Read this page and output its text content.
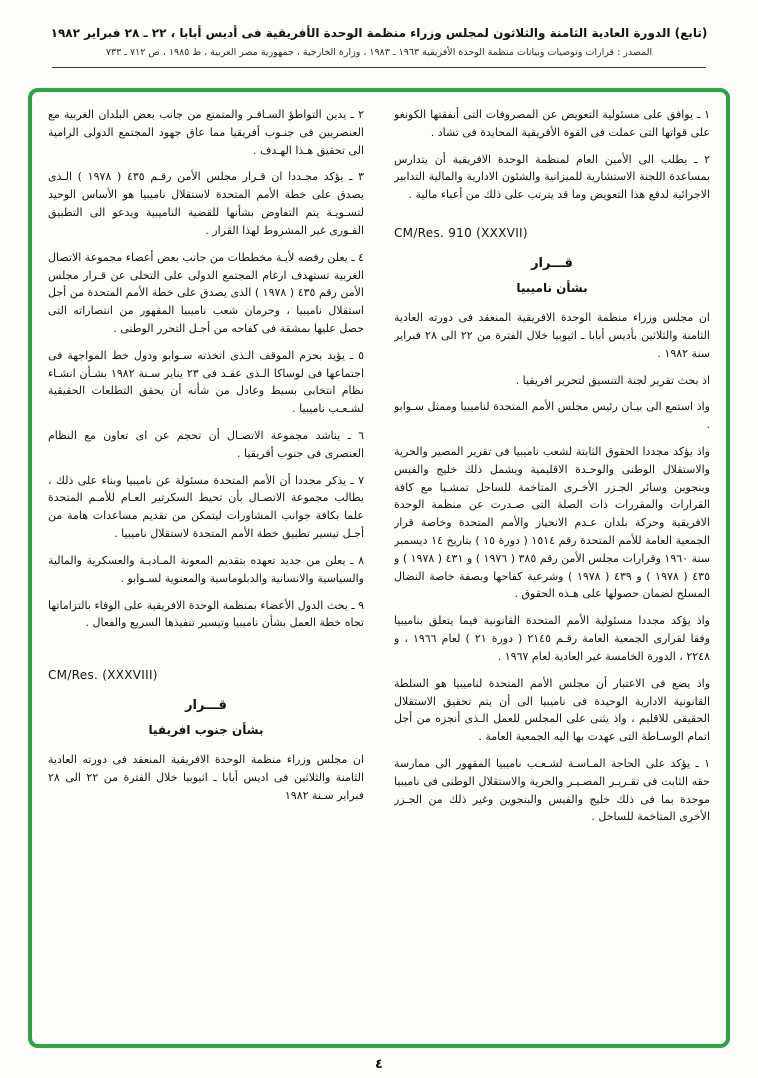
(تابع) الدورة العادية الثامنة والثلاثون لمجلس وزراء منظمة الوحدة الأفريقية فى أديس أبابا ، ٢٢ ـ ٢٨ فبراير ١٩٨٢
المصدر : قرارات وتوصيات وبيانات منظمة الوحدة الأفريقية ١٩٦٣ ـ ١٩٨٣ ، وزارة الخارجية ، جمهورية مصر العربية ، ط ١٩٨٥ ، ص ٧١٢ ـ ٧٣٣

١ ـ يوافق على مسئولية التعويض عن المصروفات التى أنفقتها الكونغو على قواتها التى عملت فى القوة الأفريقية المحايدة فى تشاد .

٢ ـ يطلب الى الأمين العام لمنظمة الوحدة الافريقية أن يتدارس بمساعدة اللجنة الاستشارية للميزانية والشئون الادارية والمالية التدابير الاجرائية لدفع هذا التعويض وما قد يترتب على ذلك من أعباء مالية .

CM/Res. 910 (XXXVII)
قـــرار
بشأن ناميبيا

ان مجلس وزراء منظمة الوحدة الافريقية المنعقد فى دورته العادية الثامنة والثلاثين بأديس أبابا ـ اثيوبيا خلال الفترة من ٢٢ الى ٢٨ فبراير سنة ١٩٨٢ .

اذ بحث تقرير لجنة التنسيق لتحرير افريقيا .

واذ استمع الى بيـان رئيس مجلس الأمم المتحدة لناميبيا وممثل سـوابو .

واذ يؤكد مجددا الحقوق الثابتة لشعب ناميبيا فى تقرير المصير والحرية والاستقلال الوطنى والوحـدة الاقليمية ويشمل ذلك خليج والفيس وبنجوين وسائر الجـزر الأخـرى المتاخمة للساحل تمشـيا مع كافة القرارات والمقررات ذات الصلة التى صـدرت عن منظمة الوحدة الافريقية وحركة بلدان عـدم الانحياز والأمم المتحدة وخاصة قرار الجمعية العامة للأمم المتحدة رقم ١٥١٤ ( دورة ١٥ ) بتاريخ ١٤ ديسمبر سنة ١٩٦٠ وقرارات مجلس الأمن رقم ٣٨٥ ( ١٩٧٦ ) و ٤٣١ ( ١٩٧٨ ) و ٤٣٥ ( ١٩٧٨ ) و ٤٣٩ ( ١٩٧٨ ) وشرعية كفاحها وبصفة خاصة النضال المسلح لضمان حصولها على هـذه الحقوق .

واذ يؤكد مجددا مسئولية الأمم المتحدة القانونية فيما يتعلق بناميبيا وفقا لقرارى الجمعية العامة رقـم ٢١٤٥ ( دورة ٢١ ) لعام ١٩٦٦ ، و ٢٢٤٨ ، الدورة الخامسة غير العادية لعام ١٩٦٧ .

واذ يضع فى الاعتبار أن مجلس الأمم المتحدة لناميبيا هو السلطة القانونية الادارية الوحيدة فى ناميبيا الى أن يتم تحقيق الاستقلال الحقيقى للاقليم ، واذ يثنى على المجلس للعمل الـذى أنجزه من أجل اتمام الوسـاطة التى عهدت بها اليه الجمعية العامة .

١ ـ يؤكد على الحاجة المـاسـة لشـعـب ناميبيا المقهور الى ممارسة حقه الثابت فى تقـريـر المصـيـر والحرية والاستقلال الوطنى فى ناميبيا موحدة بما فى ذلك خليج والفيس والبنجوين وغير ذلك من الجـزر الأخرى المتاخمة للساحل .

٢ ـ يدين التواطؤ السـافـر والمتمتع من جانب بعض البلدان الغربية مع العنصريين فى جنـوب أفريقيا مما عاق جهود المجتمع الدولى الرامية الى تحقيق هـذا الهـدف .

٣ ـ يؤكد مجـددا ان قـرار مجلس الأمن رقـم ٤٣٥ ( ١٩٧٨ ) الـذى يصدق على خطة الأمم المتحدة لاستقلال ناميبيا هو الأساس الوحيد لتسـويـة يتم التفاوض بشأنها للقضية الناميبية ويدعو الى التطبيق الفـورى غير المشروط لهذا القرار .

٤ ـ يعلن رفضه لأيـة مخططات من جانب بعض أعضاء مجموعة الاتصال الغربية تستهدف ارغام المجتمع الدولى على التخلى عن قـرار مجلس الأمن رقم ٤٣٥ ( ١٩٧٨ ) الذى يصدق على خطة الأمم المتحدة من أجل استقلال ناميبيا ، وحرمان شعب ناميبيا المقهور من انتصاراته التى حصل عليها بمشقة فى كفاحه من أجـل التحرر الوطنى .

٥ ـ يؤيد بحزم الموقف الـذى اتخذته سـوابو ودول خط المواجهة فى اجتماعها فى لوساكا الـذى عقـد فى ٢٣ يناير سـنة ١٩٨٢ بشـأن انشـاء نظام انتخابى بسيط وعادل من شأنه أن يحقق التطلعات الحقيقية لشـعـب ناميبيا .

٦ ـ يناشد مجموعة الاتصـال أن تحجم عن اى تعاون مع النظام العنصرى فى جنوب أفريقيا .

٧ ـ يذكر مجددا أن الأمم المتحدة مسئولة عن ناميبيا وبناء على ذلك ، يطالب مجموعة الاتصـال بأن تحيط السكرتير العـام للأمـم المتحدة علما بكافة جوانب المشاورات ليتمكن من تقديم مساعدات هامة من أجـل تيسير تطبيق خطة الأمم المتحدة لاستقلال ناميبيا .

٨ ـ يعلن من جديد تعهده بتقديم المعونة المـاديـة والعسكرية والمالية والسياسية والانسانية والدبلوماسية والمعنوية لسـوابو .

٩ ـ يحث الدول الأعضاء بمنظمة الوحدة الافريقية على الوفاء بالتزاماتها تجاه خطة العمل بشأن ناميبيا وتيسير تنفيذها السريع والفعال .

CM/Res. (XXXVIII)
قـــرار
بشأن جنوب افريقيا

ان مجلس وزراء منظمة الوحدة الافريقية المنعقد فى دورته العادية الثامنة والثلاثين فى اديس أبابا ـ اثيوبيا خلال الفترة من ٢٢ الى ٢٨ فبراير سـنة ١٩٨٢

٤
